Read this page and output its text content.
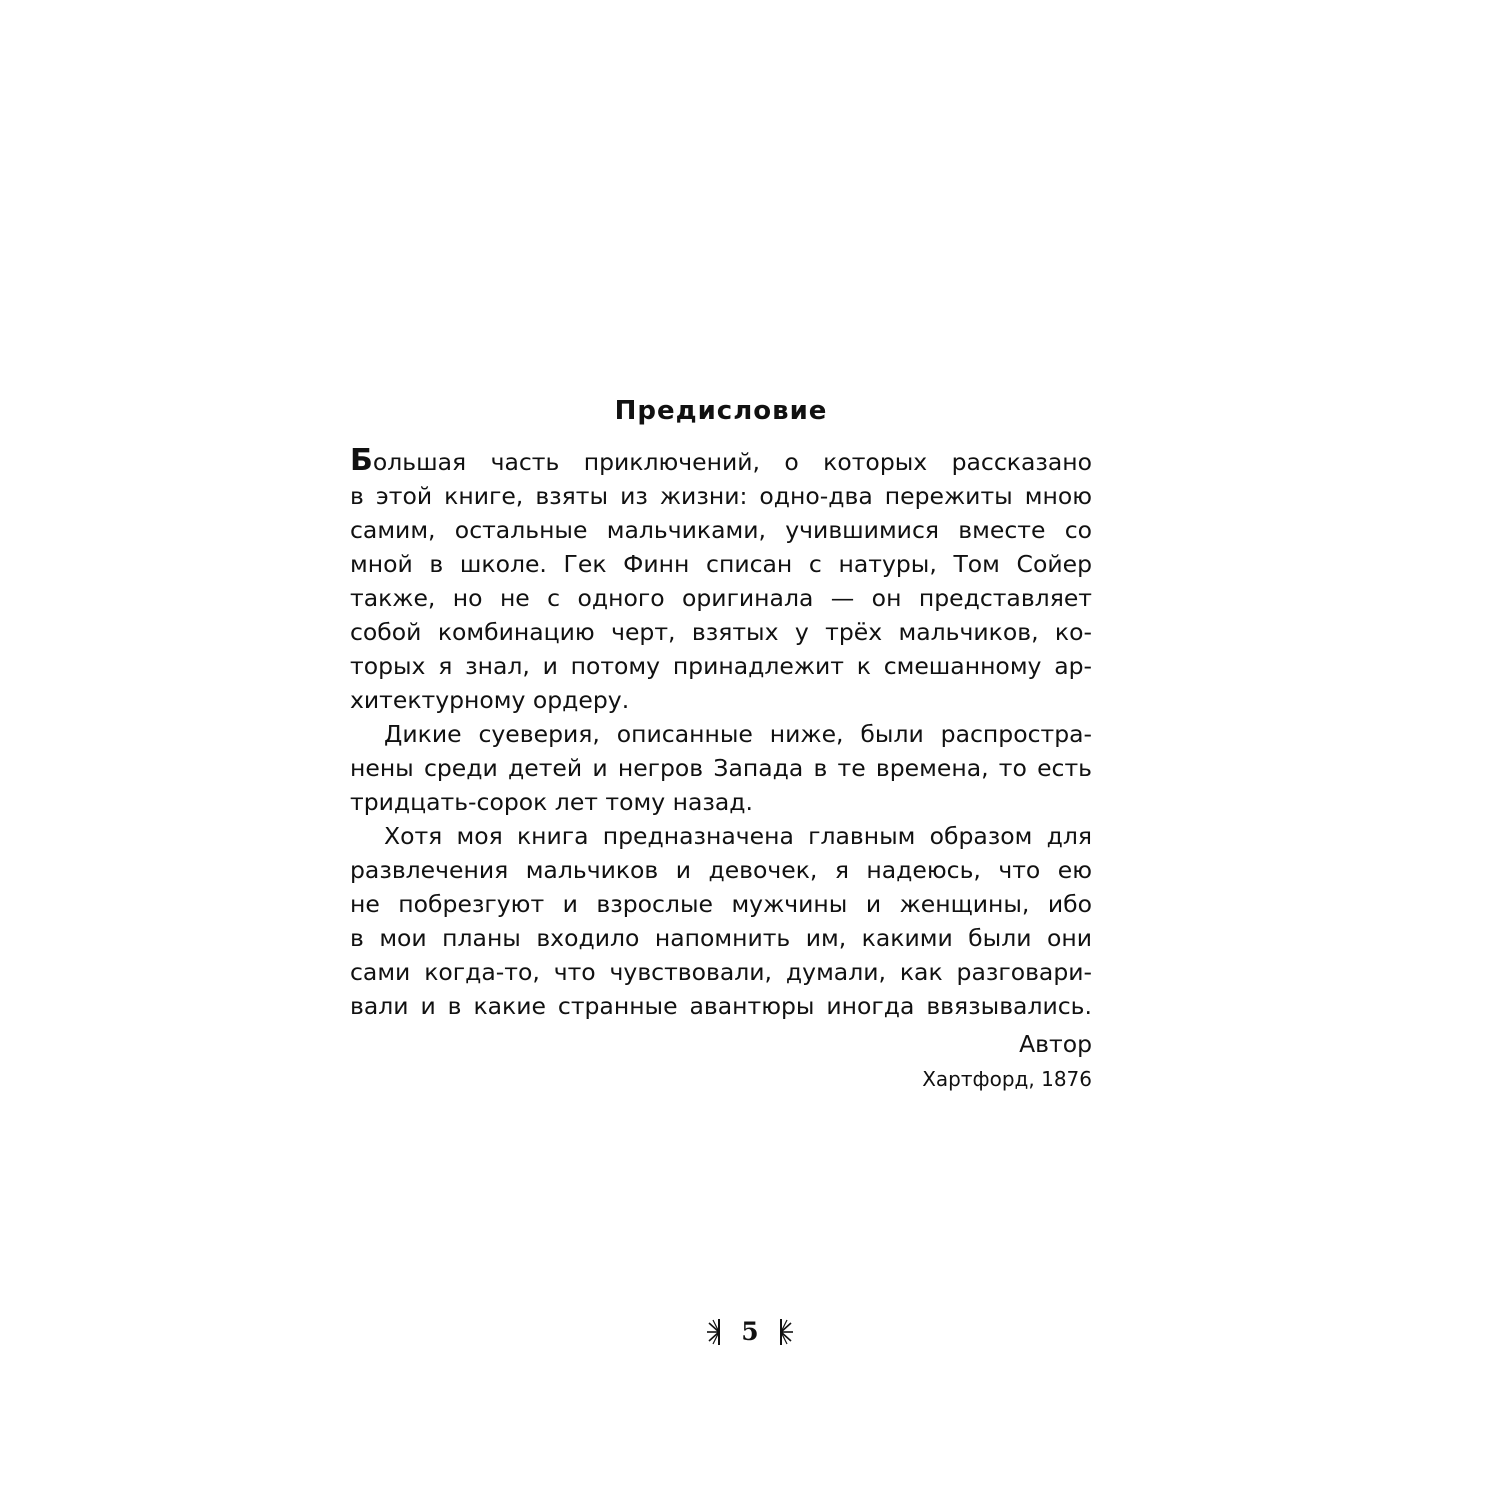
Предисловие

Большая часть приключений, о которых рассказано
в этой книге, взяты из жизни: одно-два пережиты мною
самим, остальные мальчиками, учившимися вместе со
мной в школе. Гек Финн списан с натуры, Том Сойер
также, но не с одного оригинала — он представляет
собой комбинацию черт, взятых у трёх мальчиков, ко-
торых я знал, и потому принадлежит к смешанному ар-
хитектурному ордеру.

Дикие суеверия, описанные ниже, были распростра-
нены среди детей и негров Запада в те времена, то есть
тридцать-сорок лет тому назад.

Хотя моя книга предназначена главным образом для
развлечения мальчиков и девочек, я надеюсь, что ею
не побрезгуют и взрослые мужчины и женщины, ибо
в мои планы входило напомнить им, какими были они
сами когда-то, что чувствовали, думали, как разговари-
вали и в какие странные авантюры иногда ввязывались.

Автор
Хартфорд, 1876
5
